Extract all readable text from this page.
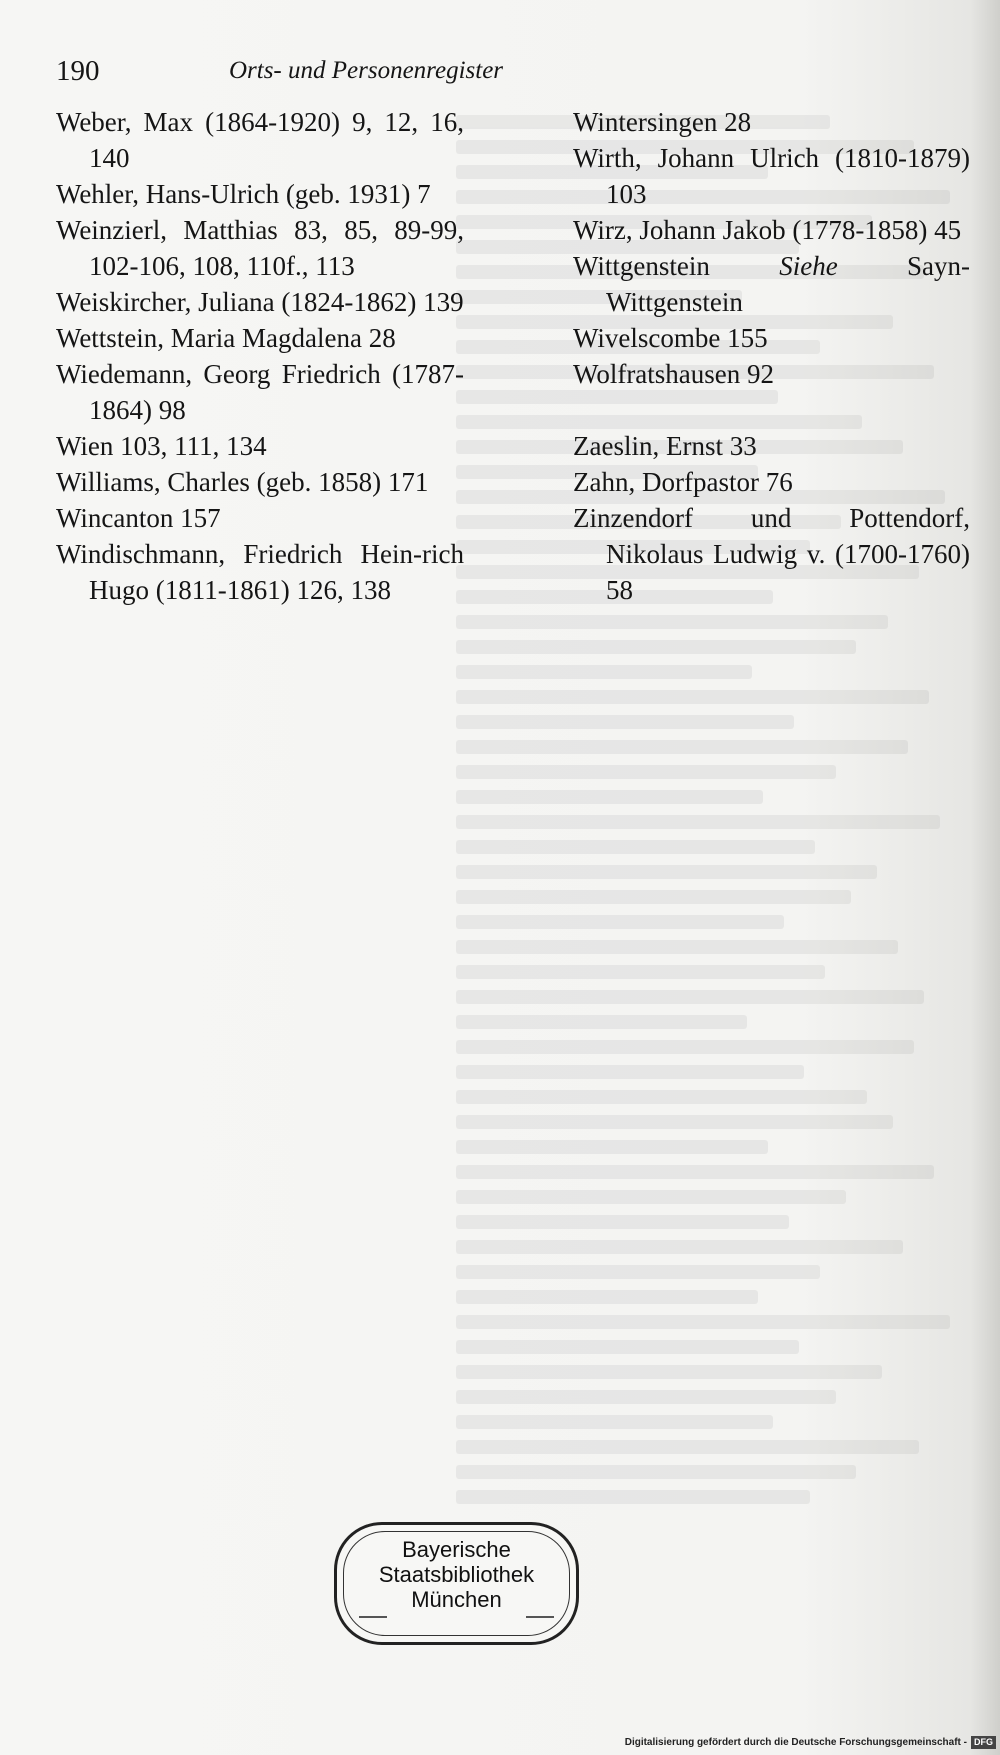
190	Orts- und Personenregister
Weber, Max (1864-1920) 9, 12, 16, 140
Wehler, Hans-Ulrich (geb. 1931) 7
Weinzierl, Matthias 83, 85, 89-99, 102-106, 108, 110f., 113
Weiskircher, Juliana (1824-1862) 139
Wettstein, Maria Magdalena 28
Wiedemann, Georg Friedrich (1787-1864) 98
Wien 103, 111, 134
Williams, Charles (geb. 1858) 171
Wincanton 157
Windischmann, Friedrich Hein-rich Hugo (1811-1861) 126, 138
Wintersingen 28
Wirth, Johann Ulrich (1810-1879) 103
Wirz, Johann Jakob (1778-1858) 45
Wittgenstein	Siehe	Sayn-Wittgenstein
Wivelscombe 155
Wolfratshausen 92
Zaeslin, Ernst 33
Zahn, Dorfpastor 76
Zinzendorf und Pottendorf, Nikolaus Ludwig v. (1700-1760) 58
Bayerische
Staatsbibliothek
München
Digitalisierung gefördert durch die Deutsche Forschungsgemeinschaft - DFG
